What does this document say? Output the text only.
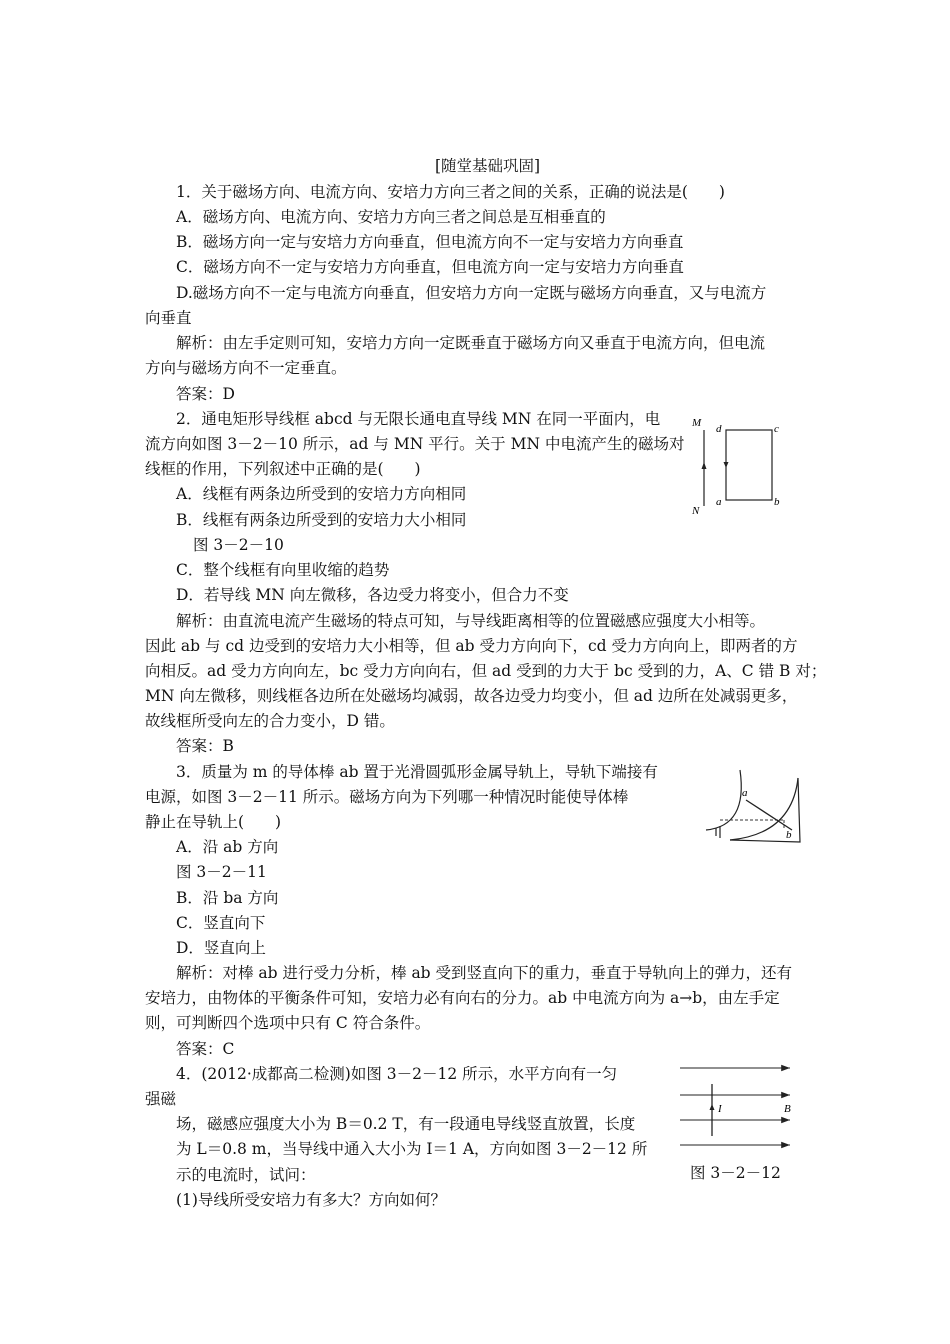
[随堂基础巩固]
1．关于磁场方向、电流方向、安培力方向三者之间的关系，正确的说法是(　　)
A．磁场方向、电流方向、安培力方向三者之间总是互相垂直的
B．磁场方向一定与安培力方向垂直，但电流方向不一定与安培力方向垂直
C．磁场方向不一定与安培力方向垂直，但电流方向一定与安培力方向垂直
D.磁场方向不一定与电流方向垂直，但安培力方向一定既与磁场方向垂直，又与电流方
向垂直
解析：由左手定则可知，安培力方向一定既垂直于磁场方向又垂直于电流方向，但电流
方向与磁场方向不一定垂直。
答案：D
2．通电矩形导线框 abcd 与无限长通电直导线 MN 在同一平面内，电
流方向如图 3－2－10 所示，ad 与 MN 平行。关于 MN 中电流产生的磁场对
线框的作用，下列叙述中正确的是(　　)
A．线框有两条边所受到的安培力方向相同
B．线框有两条边所受到的安培力大小相同
图 3－2－10
C．整个线框有向里收缩的趋势
D．若导线 MN 向左微移，各边受力将变小，但合力不变
解析：由直流电流产生磁场的特点可知，与导线距离相等的位置磁感应强度大小相等。
因此 ab 与 cd 边受到的安培力大小相等，但 ab 受力方向向下，cd 受力方向向上，即两者的方
向相反。ad 受力方向向左，bc 受力方向向右，但 ad 受到的力大于 bc 受到的力，A、C 错 B 对；
MN 向左微移，则线框各边所在处磁场均减弱，故各边受力均变小，但 ad 边所在处减弱更多，
故线框所受向左的合力变小，D 错。
答案：B
M
N
d	c
a	b
3．质量为 m 的导体棒 ab 置于光滑圆弧形金属导轨上，导轨下端接有
电源，如图 3－2－11 所示。磁场方向为下列哪一种情况时能使导体棒
静止在导轨上(　　)
A．沿 ab 方向
图 3－2－11
B．沿 ba 方向
C．竖直向下
D．竖直向上
解析：对棒 ab 进行受力分析，棒 ab 受到竖直向下的重力，垂直于导轨向上的弹力，还有
安培力，由物体的平衡条件可知，安培力必有向右的分力。ab 中电流方向为 a→b，由左手定
则，可判断四个选项中只有 C 符合条件。
答案：C
a
b
4．(2012·成都高二检测)如图 3－2－12 所示，水平方向有一匀
强磁
场，磁感应强度大小为 B＝0.2 T，有一段通电导线竖直放置，长度
为 L＝0.8 m，当导线中通入大小为 I＝1 A，方向如图 3－2－12 所
示的电流时，试问：
(1)导线所受安培力有多大？方向如何？
图 3－2－12
I	B
